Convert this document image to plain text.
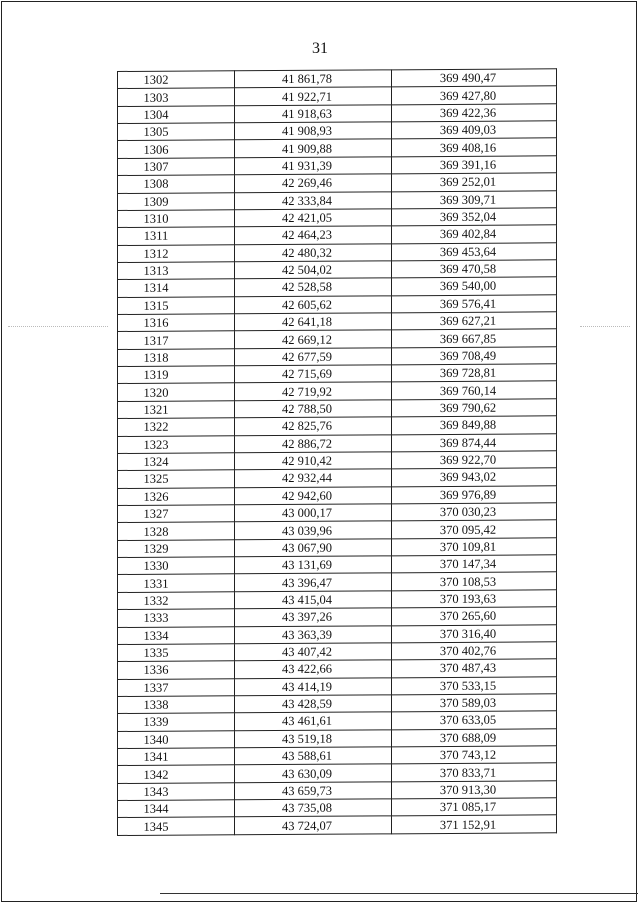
31
1302	41 861,78	369 490,47
1303	41 922,71	369 427,80
1304	41 918,63	369 422,36
1305	41 908,93	369 409,03
1306	41 909,88	369 408,16
1307	41 931,39	369 391,16
1308	42 269,46	369 252,01
1309	42 333,84	369 309,71
1310	42 421,05	369 352,04
1311	42 464,23	369 402,84
1312	42 480,32	369 453,64
1313	42 504,02	369 470,58
1314	42 528,58	369 540,00
1315	42 605,62	369 576,41
1316	42 641,18	369 627,21
1317	42 669,12	369 667,85
1318	42 677,59	369 708,49
1319	42 715,69	369 728,81
1320	42 719,92	369 760,14
1321	42 788,50	369 790,62
1322	42 825,76	369 849,88
1323	42 886,72	369 874,44
1324	42 910,42	369 922,70
1325	42 932,44	369 943,02
1326	42 942,60	369 976,89
1327	43 000,17	370 030,23
1328	43 039,96	370 095,42
1329	43 067,90	370 109,81
1330	43 131,69	370 147,34
1331	43 396,47	370 108,53
1332	43 415,04	370 193,63
1333	43 397,26	370 265,60
1334	43 363,39	370 316,40
1335	43 407,42	370 402,76
1336	43 422,66	370 487,43
1337	43 414,19	370 533,15
1338	43 428,59	370 589,03
1339	43 461,61	370 633,05
1340	43 519,18	370 688,09
1341	43 588,61	370 743,12
1342	43 630,09	370 833,71
1343	43 659,73	370 913,30
1344	43 735,08	371 085,17
1345	43 724,07	371 152,91
